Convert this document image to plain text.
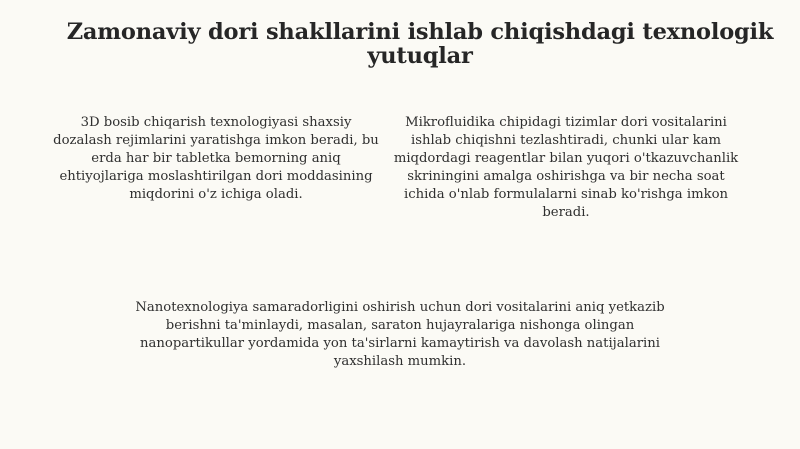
Zamonaviy dori shakllarini ishlab chiqishdagi texnologik yutuqlar

3D bosib chiqarish texnologiyasi shaxsiy dozalash rejimlarini yaratishga imkon beradi, bu erda har bir tabletka bemorning aniq ehtiyojlariga moslashtirilgan dori moddasining miqdorini o'z ichiga oladi.

Mikrofluidika chipidagi tizimlar dori vositalarini ishlab chiqishni tezlashtiradi, chunki ular kam miqdordagi reagentlar bilan yuqori o'tkazuvchanlik skriningini amalga oshirishga va bir necha soat ichida o'nlab formulalarni sinab ko'rishga imkon beradi.

Nanotexnologiya samaradorligini oshirish uchun dori vositalarini aniq yetkazib berishni ta'minlaydi, masalan, saraton hujayralariga nishonga olingan nanopartikullar yordamida yon ta'sirlarni kamaytirish va davolash natijalarini yaxshilash mumkin.
